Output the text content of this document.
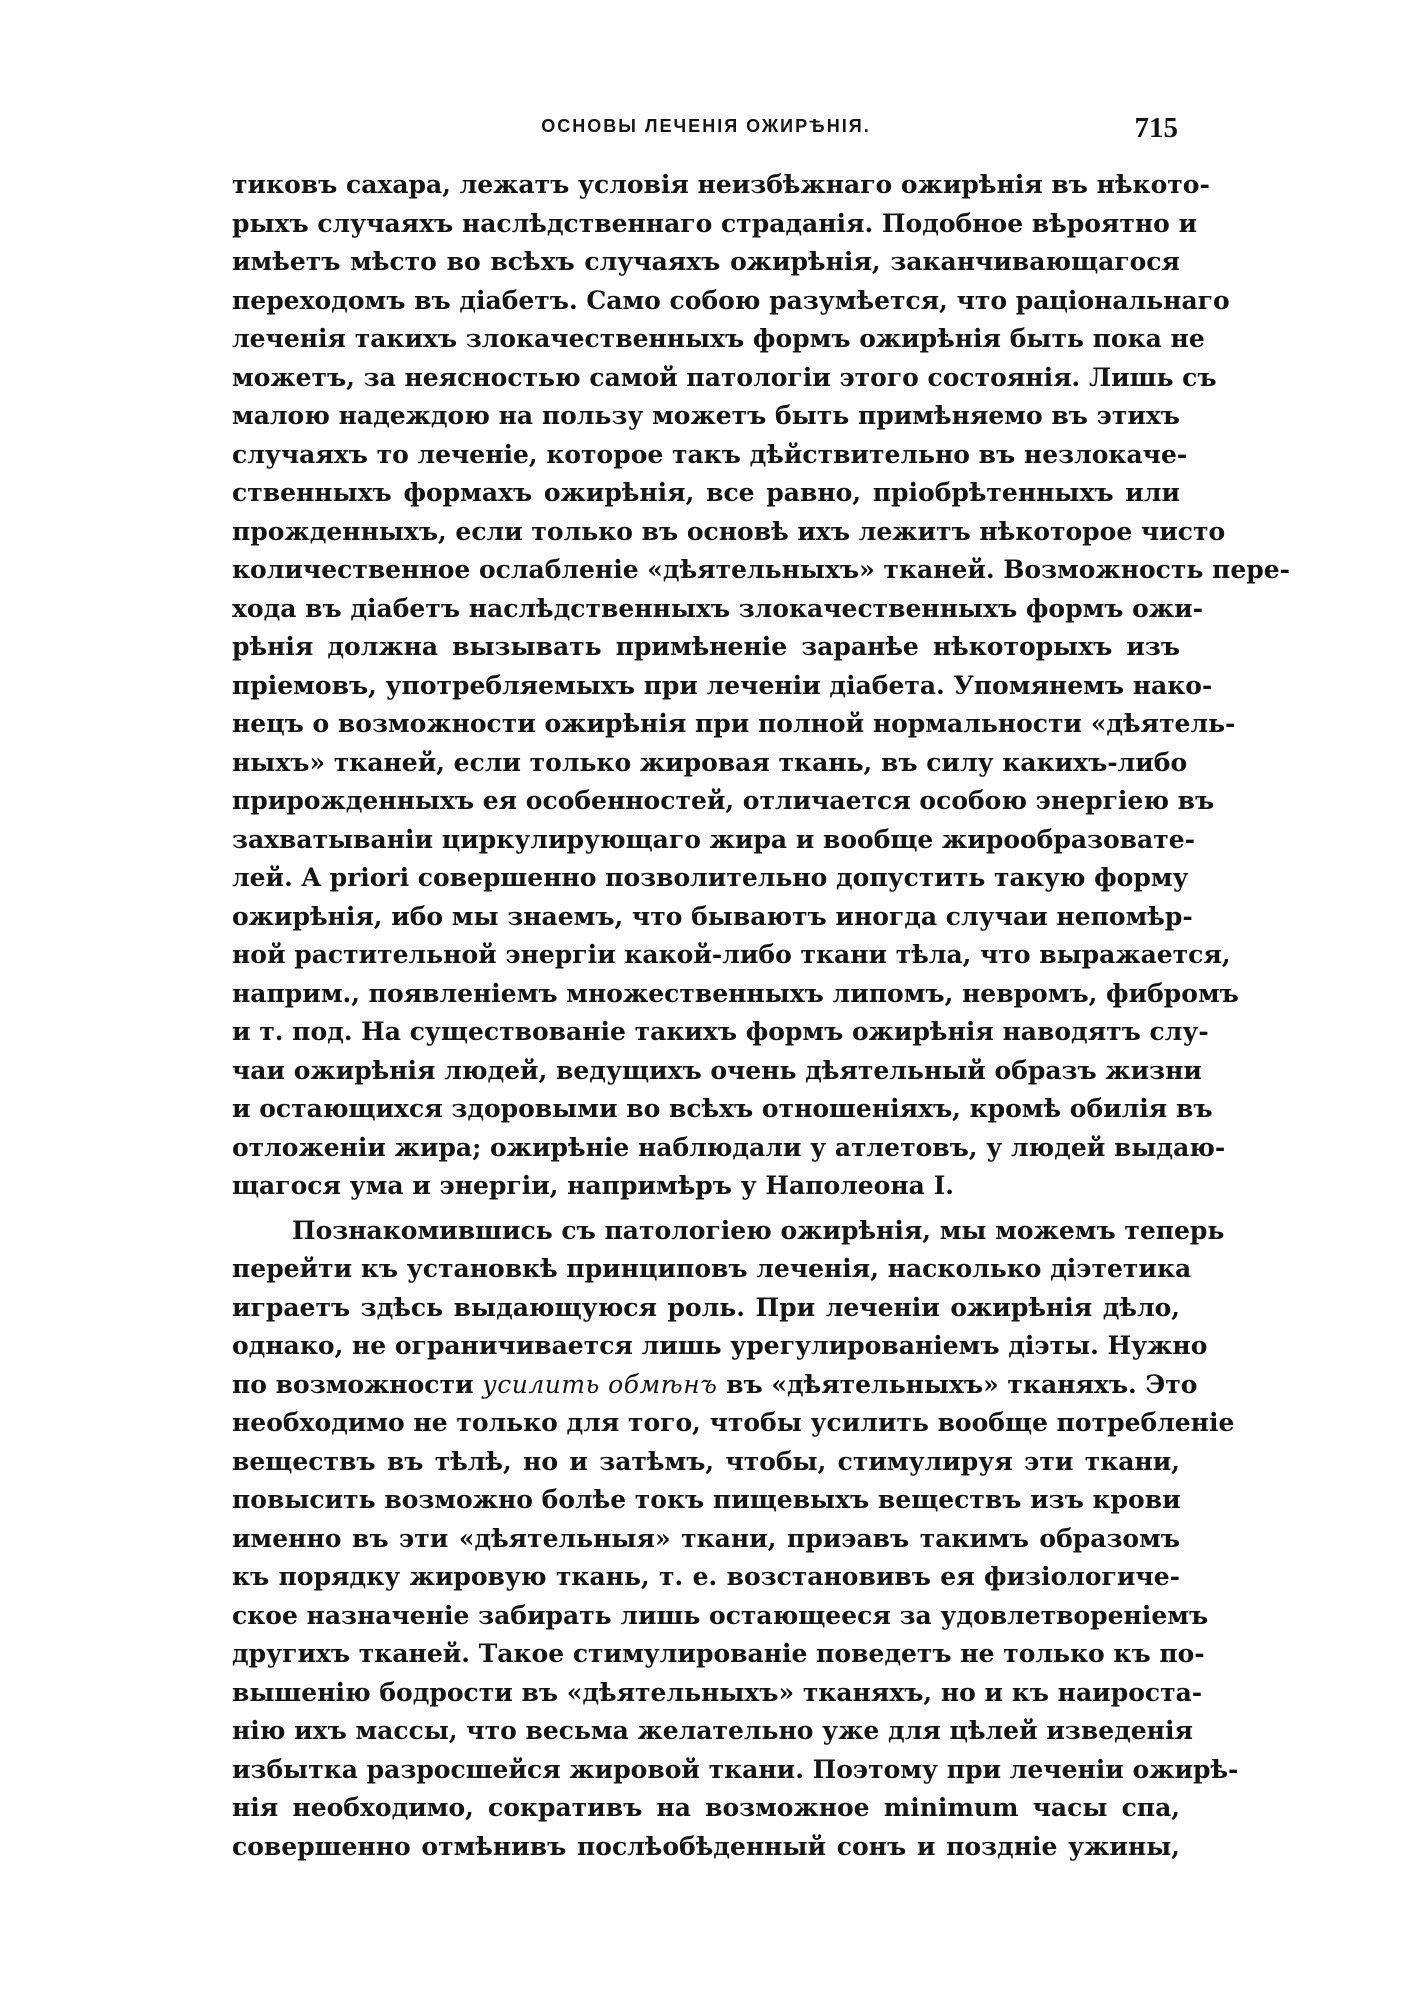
ОСНОВЫ ЛЕЧЕНІЯ ОЖИРѢНІЯ.	715
тиковъ сахара, лежатъ условія неизбѣжнаго ожирѣнія въ нѣкото-
рыхъ случаяхъ наслѣдственнаго страданія. Подобное вѣроятно и
имѣетъ мѣсто во всѣхъ случаяхъ ожирѣнія, заканчивающагося
переходомъ въ діабетъ. Само собою разумѣется, что раціональнаго
леченія такихъ злокачественныхъ формъ ожирѣнія быть пока не
можетъ, за неясностью самой патологіи этого состоянія. Лишь съ
малою надеждою на пользу можетъ быть примѣняемо въ этихъ
случаяхъ то леченіе, которое такъ дѣйствительно въ незлокаче-
ственныхъ формахъ ожирѣнія, все равно, пріобрѣтенныхъ или
прожденныхъ, если только въ основѣ ихъ лежитъ нѣкоторое чисто
количественное ослабленіе «дѣятельныхъ» тканей. Возможность пере-
хода въ діабетъ наслѣдственныхъ злокачественныхъ формъ ожи-
рѣнія должна вызывать примѣненіе заранѣе нѣкоторыхъ изъ
пріемовъ, употребляемыхъ при леченіи діабета. Упомянемъ нако-
нецъ о возможности ожирѣнія при полной нормальности «дѣятель-
ныхъ» тканей, если только жировая ткань, въ силу какихъ-либо
прирожденныхъ ея особенностей, отличается особою энергіею въ
захватываніи циркулирующаго жира и вообще жирообразовате-
лей. A priori совершенно позволительно допустить такую форму
ожирѣнія, ибо мы знаемъ, что бываютъ иногда случаи непомѣр-
ной растительной энергіи какой-либо ткани тѣла, что выражается,
наприм., появленіемъ множественныхъ липомъ, невромъ, фибромъ
и т. под. На существованіе такихъ формъ ожирѣнія наводятъ слу-
чаи ожирѣнія людей, ведущихъ очень дѣятельный образъ жизни
и остающихся здоровыми во всѣхъ отношеніяхъ, кромѣ обилія въ
отложеніи жира; ожирѣніе наблюдали у атлетовъ, у людей выдаю-
щагося ума и энергіи, напримѣръ у Наполеона I.
Познакомившись съ патологіею ожирѣнія, мы можемъ теперь
перейти къ установкѣ принциповъ леченія, насколько діэтетика
играетъ здѣсь выдающуюся роль. При леченіи ожирѣнія дѣло,
однако, не ограничивается лишь урегулированіемъ діэты. Нужно
по возможности усилить обмѣнъ въ «дѣятельныхъ» тканяхъ. Это
необходимо не только для того, чтобы усилить вообще потребленіе
веществъ въ тѣлѣ, но и затѣмъ, чтобы, стимулируя эти ткани,
повысить возможно болѣе токъ пищевыхъ веществъ изъ крови
именно въ эти «дѣятельныя» ткани, приэавъ такимъ образомъ
къ порядку жировую ткань, т. е. возстановивъ ея физіологиче-
ское назначеніе забирать лишь остающееся за удовлетвореніемъ
другихъ тканей. Такое стимулированіе поведетъ не только къ по-
вышенію бодрости въ «дѣятельныхъ» тканяхъ, но и къ наироста-
нію ихъ массы, что весьма желательно уже для цѣлей изведенія
избытка разросшейся жировой ткани. Поэтому при леченіи ожирѣ-
нія необходимо, сокративъ на возможное minimum часы спа,
совершенно отмѣнивъ послѣобѣденный сонъ и поздніе ужины,
